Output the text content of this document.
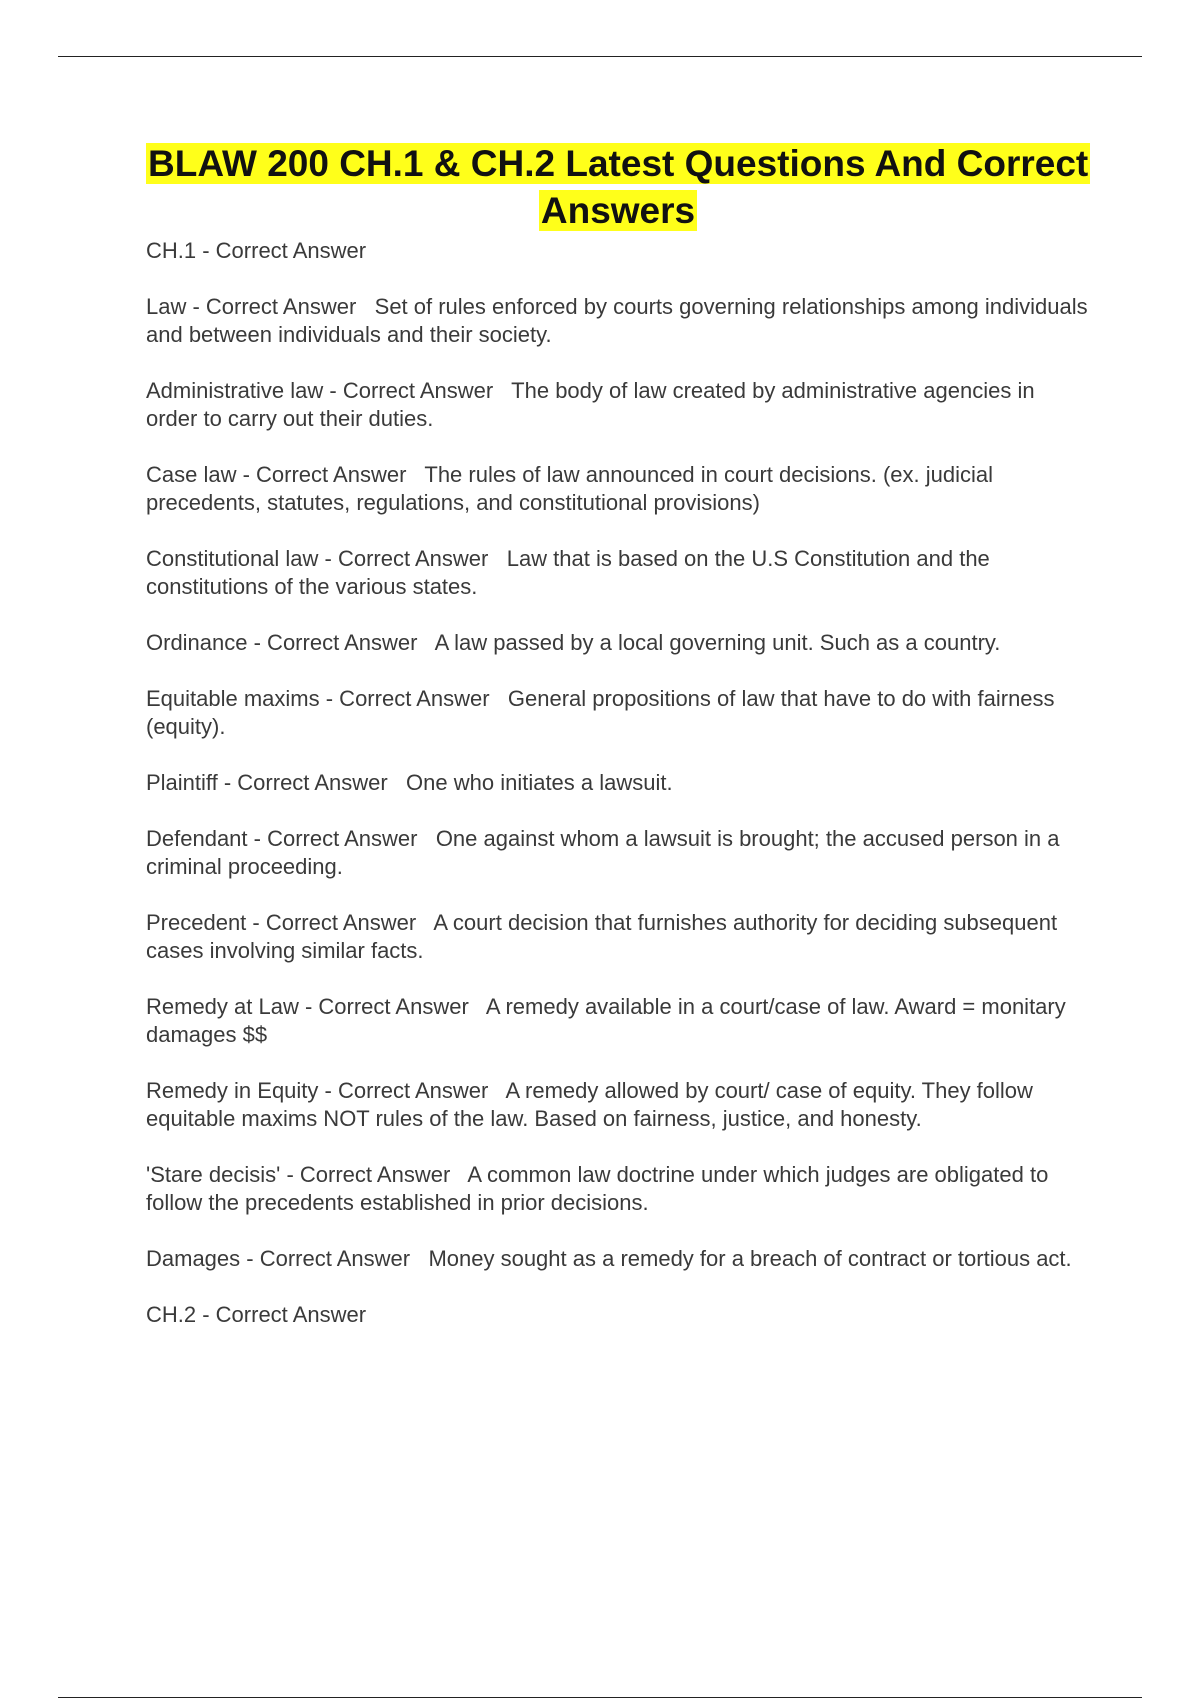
BLAW 200 CH.1 & CH.2 Latest Questions And Correct Answers

CH.1 - Correct Answer

Law - Correct Answer Set of rules enforced by courts governing relationships among individuals and between individuals and their society.

Administrative law - Correct Answer The body of law created by administrative agencies in order to carry out their duties.

Case law - Correct Answer The rules of law announced in court decisions. (ex. judicial precedents, statutes, regulations, and constitutional provisions)

Constitutional law - Correct Answer Law that is based on the U.S Constitution and the constitutions of the various states.

Ordinance - Correct Answer A law passed by a local governing unit. Such as a country.

Equitable maxims - Correct Answer General propositions of law that have to do with fairness (equity).

Plaintiff - Correct Answer One who initiates a lawsuit.

Defendant - Correct Answer One against whom a lawsuit is brought; the accused person in a criminal proceeding.

Precedent - Correct Answer A court decision that furnishes authority for deciding subsequent cases involving similar facts.

Remedy at Law - Correct Answer A remedy available in a court/case of law. Award = monitary damages $$

Remedy in Equity - Correct Answer A remedy allowed by court/ case of equity. They follow equitable maxims NOT rules of the law. Based on fairness, justice, and honesty.

'Stare decisis' - Correct Answer A common law doctrine under which judges are obligated to follow the precedents established in prior decisions.

Damages - Correct Answer Money sought as a remedy for a breach of contract or tortious act.

CH.2 - Correct Answer
